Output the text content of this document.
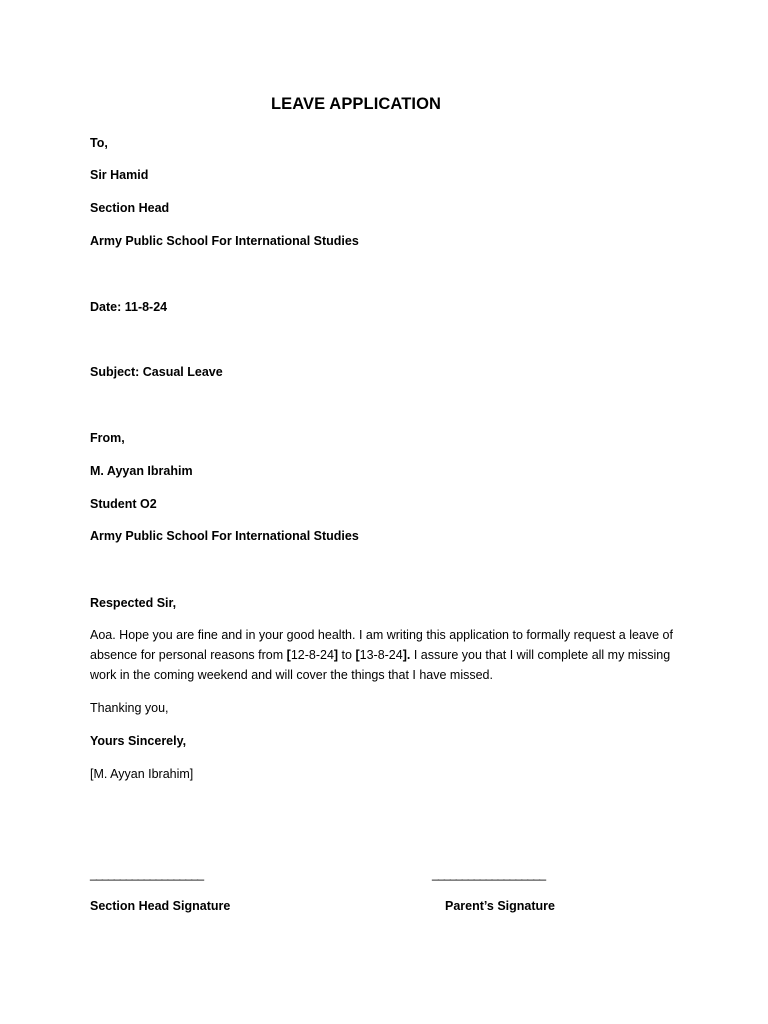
LEAVE APPLICATION
To,
Sir Hamid
Section Head
Army Public School For International Studies
Date: 11-8-24
Subject: Casual Leave
From,
M. Ayyan Ibrahim
Student O2
Army Public School For International Studies
Respected Sir,
Aoa. Hope you are fine and in your good health. I am writing this application to formally request a leave of absence for personal reasons from [12-8-24] to [13-8-24]. I assure you that I will complete all my missing work in the coming weekend and will cover the things that I have missed.
Thanking you,
Yours Sincerely,
[M. Ayyan Ibrahim]
___________________	___________________
Section Head Signature	Parent’s Signature
